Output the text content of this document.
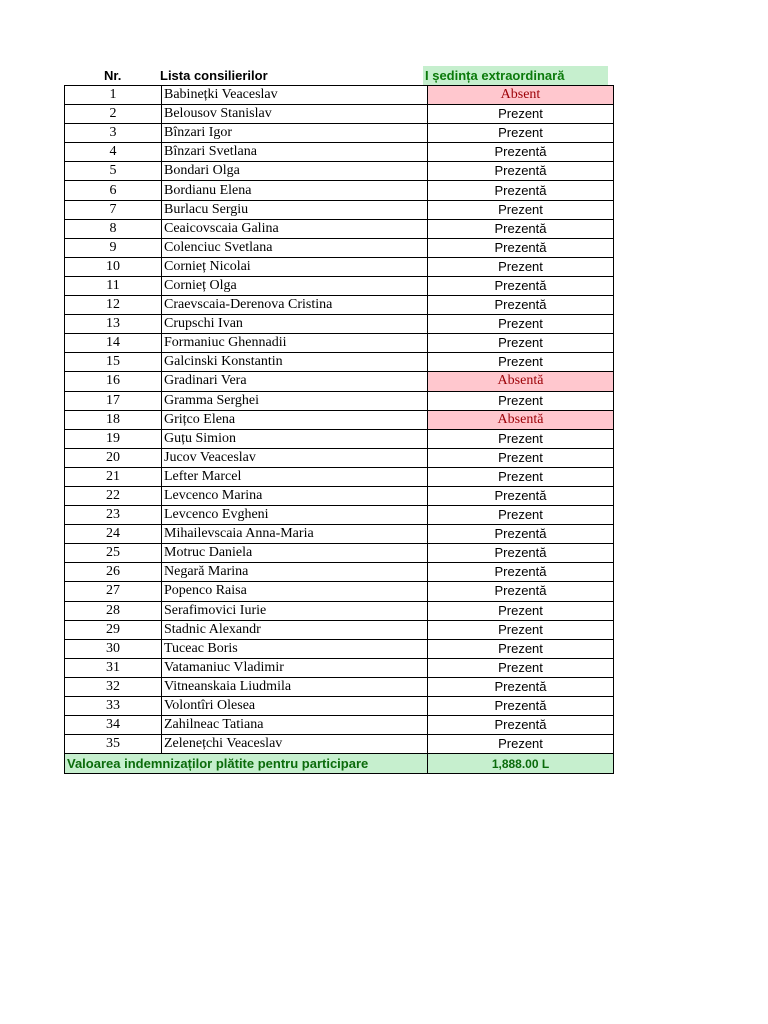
Nr.	Lista consilierilor	I ședința extraordinară
1	Babinețki Veaceslav	Absent
2	Belousov Stanislav	Prezent
3	Bînzari Igor	Prezent
4	Bînzari Svetlana	Prezentă
5	Bondari Olga	Prezentă
6	Bordianu Elena	Prezentă
7	Burlacu Sergiu	Prezent
8	Ceaicovscaia Galina	Prezentă
9	Colenciuc Svetlana	Prezentă
10	Cornieț Nicolai	Prezent
11	Cornieț Olga	Prezentă
12	Craevscaia-Derenova Cristina	Prezentă
13	Crupschi Ivan	Prezent
14	Formaniuc Ghennadii	Prezent
15	Galcinski Konstantin	Prezent
16	Gradinari Vera	Absentă
17	Gramma Serghei	Prezent
18	Grițco Elena	Absentă
19	Guțu Simion	Prezent
20	Jucov Veaceslav	Prezent
21	Lefter Marcel	Prezent
22	Levcenco Marina	Prezentă
23	Levcenco Evgheni	Prezent
24	Mihailevscaia Anna-Maria	Prezentă
25	Motruc Daniela	Prezentă
26	Negară Marina	Prezentă
27	Popenco Raisa	Prezentă
28	Serafimovici Iurie	Prezent
29	Stadnic Alexandr	Prezent
30	Tuceac Boris	Prezent
31	Vatamaniuc Vladimir	Prezent
32	Vitneanskaia Liudmila	Prezentă
33	Volontîri Olesea	Prezentă
34	Zahilneac Tatiana	Prezentă
35	Zelenețchi Veaceslav	Prezent
Valoarea indemnizaților plătite pentru participare		1,888.00 L
